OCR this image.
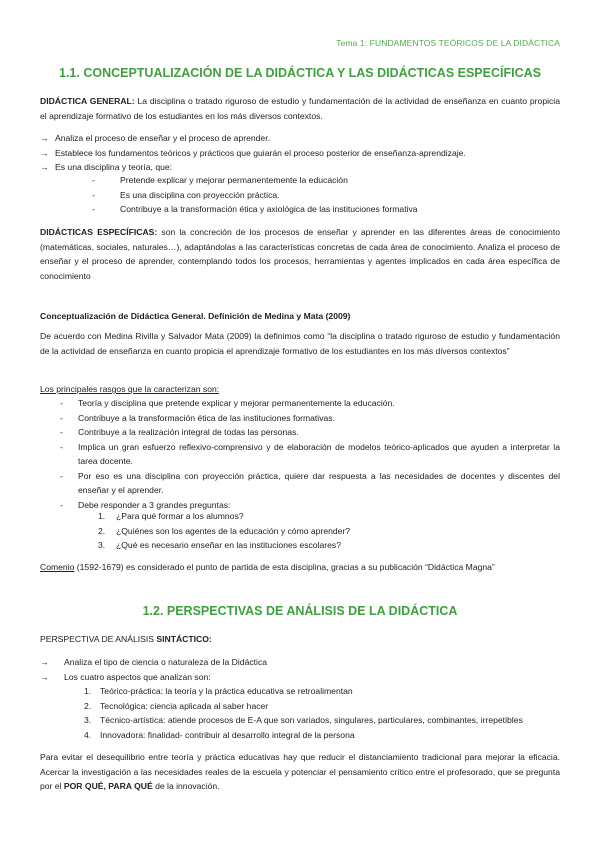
Tema 1: FUNDAMENTOS TEÓRICOS DE LA DIDÁCTICA
1.1. CONCEPTUALIZACIÓN DE LA DIDÁCTICA Y LAS DIDÁCTICAS ESPECÍFICAS

DIDÁCTICA GENERAL: La disciplina o tratado riguroso de estudio y fundamentación de la actividad de enseñanza en cuanto propicia el aprendizaje formativo de los estudiantes en los más diversos contextos.

→ Analiza el proceso de enseñar y el proceso de aprender.
→ Establece los fundamentos teóricos y prácticos que guiarán el proceso posterior de enseñanza-aprendizaje.
→ Es una disciplina y teoría, que:
-	Pretende explicar y mejorar permanentemente la educación
-	Es una disciplina con proyección práctica.
-	Contribuye a la transformación ética y axiológica de las instituciones formativa

DIDÁCTICAS ESPECÍFICAS: son la concreción de los procesos de enseñar y aprender en las diferentes áreas de conocimiento (matemáticas, sociales, naturales…), adaptándolas a las características concretas de cada área de conocimiento. Analiza el proceso de enseñar y el proceso de aprender, contemplando todos los procesos, herramientas y agentes implicados en cada área específica de conocimiento

Conceptualización de Didáctica General. Definición de Medina y Mata (2009)

De acuerdo con Medina Rivilla y Salvador Mata (2009) la definimos como “la disciplina o tratado riguroso de estudio y fundamentación de la actividad de enseñanza en cuanto propicia el aprendizaje formativo de los estudiantes en los más diversos contextos”

Los principales rasgos que la caracterizan son:

- Teoría y disciplina que pretende explicar y mejorar permanentemente la educación.
- Contribuye a la transformación ética de las instituciones formativas.
- Contribuye a la realización integral de todas las personas.
- Implica un gran esfuerzo reflexivo-comprensivo y de elaboración de modelos teórico-aplicados que ayuden a interpretar la tarea docente.
- Por eso es una disciplina con proyección práctica, quiere dar respuesta a las necesidades de docentes y discentes del enseñar y el aprender.
- Debe responder a 3 grandes preguntas:
1. ¿Para qué formar a los alumnos?
2. ¿Quiénes son los agentes de la educación y cómo aprender?
3. ¿Qué es necesario enseñar en las instituciones escolares?

Comenio (1592-1679) es considerado el punto de partida de esta disciplina, gracias a su publicación “Didáctica Magna”

1.2. PERSPECTIVAS DE ANÁLISIS DE LA DIDÁCTICA

PERSPECTIVA DE ANÁLISIS SINTÁCTICO:

→ Analiza el tipo de ciencia o naturaleza de la Didáctica
→ Los cuatro aspectos que analizan son:
1. Teórico-práctica: la teoría y la práctica educativa se retroalimentan
2. Tecnológica: ciencia aplicada al saber hacer
3. Técnico-artística: atiende procesos de E-A que son variados, singulares, particulares, combinantes, irrepetibles
4. Innovadora: finalidad- contribuir al desarrollo integral de la persona

Para evitar el desequilibrio entre teoría y práctica educativas hay que reducir el distanciamiento tradicional para mejorar la eficacia. Acercar la investigación a las necesidades reales de la escuela y potenciar el pensamiento crítico entre el profesorado, que se pregunta por el POR QUÉ, PARA QUÉ de la innovación.
